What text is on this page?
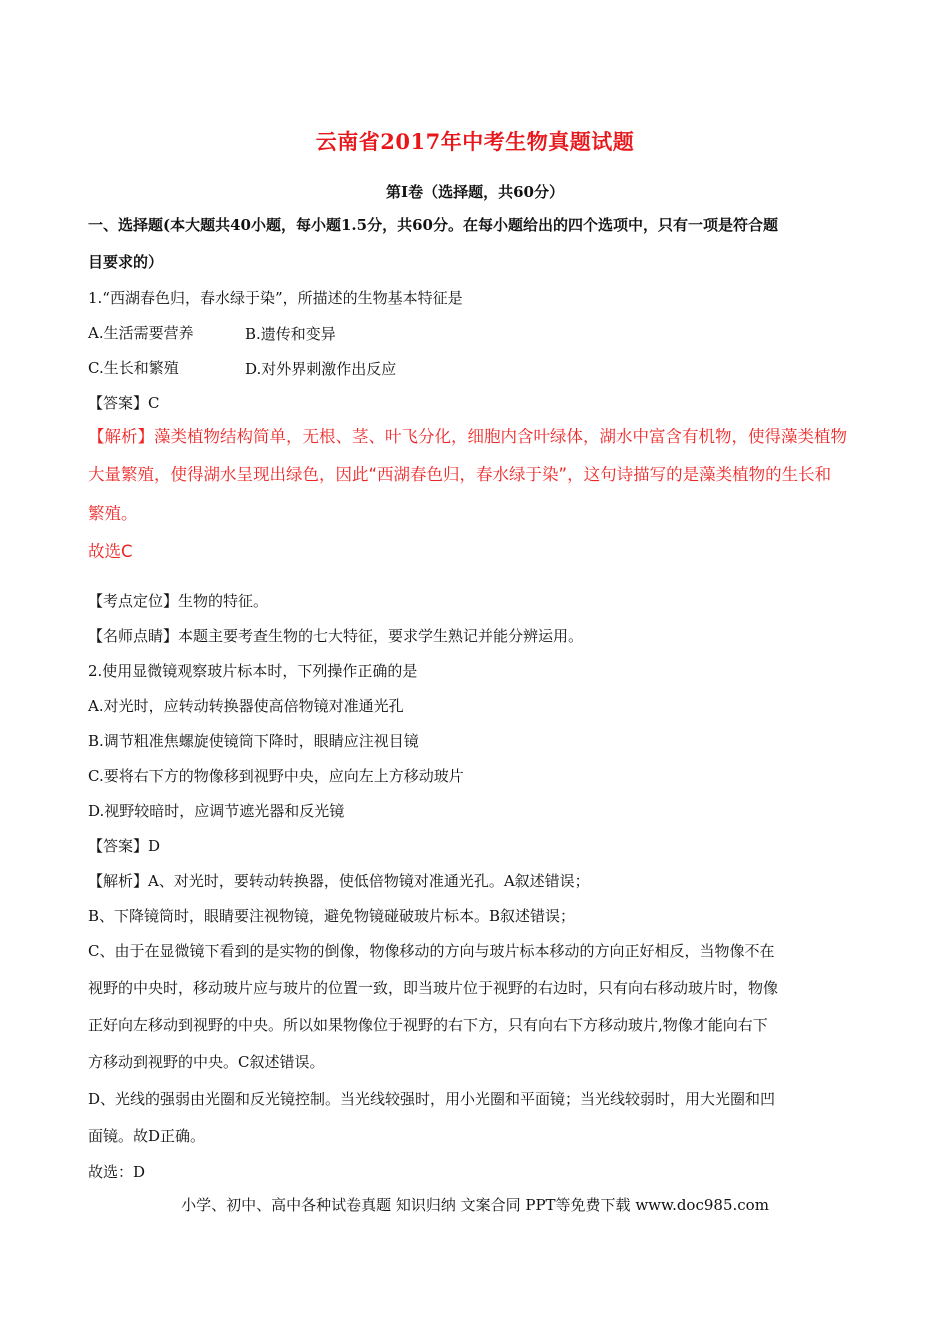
云南省2017年中考生物真题试题
第Ⅰ卷（选择题，共60分）
一、选择题(本大题共40小题，每小题1.5分，共60分。在每小题给出的四个选项中，只有一项是符合题
目要求的）
1.“西湖春色归，春水绿于染”，所描述的生物基本特征是
A.生活需要营养	B.遗传和变异
C.生长和繁殖	D.对外界刺激作出反应
【答案】C
【解析】藻类植物结构简单，无根、茎、叶飞分化，细胞内含叶绿体，湖水中富含有机物，使得藻类植物
大量繁殖，使得湖水呈现出绿色，因此“西湖春色归，春水绿于染”，这句诗描写的是藻类植物的生长和
繁殖。
故选C
【考点定位】生物的特征。
【名师点睛】本题主要考查生物的七大特征，要求学生熟记并能分辨运用。
2.使用显微镜观察玻片标本时，下列操作正确的是
A.对光时，应转动转换器使高倍物镜对准通光孔
B.调节粗准焦螺旋使镜筒下降时，眼睛应注视目镜
C.要将右下方的物像移到视野中央，应向左上方移动玻片
D.视野较暗时，应调节遮光器和反光镜
【答案】D
【解析】A、对光时，要转动转换器，使低倍物镜对准通光孔。A叙述错误；
B、下降镜筒时，眼睛要注视物镜，避免物镜碰破玻片标本。B叙述错误；
C、由于在显微镜下看到的是实物的倒像，物像移动的方向与玻片标本移动的方向正好相反，当物像不在
视野的中央时，移动玻片应与玻片的位置一致，即当玻片位于视野的右边时，只有向右移动玻片时，物像
正好向左移动到视野的中央。所以如果物像位于视野的右下方，只有向右下方移动玻片,物像才能向右下
方移动到视野的中央。C叙述错误。
D、光线的强弱由光圈和反光镜控制。当光线较强时，用小光圈和平面镜；当光线较弱时，用大光圈和凹
面镜。故D正确。
故选：D
小学、初中、高中各种试卷真题 知识归纳 文案合同 PPT等免费下载 www.doc985.com
